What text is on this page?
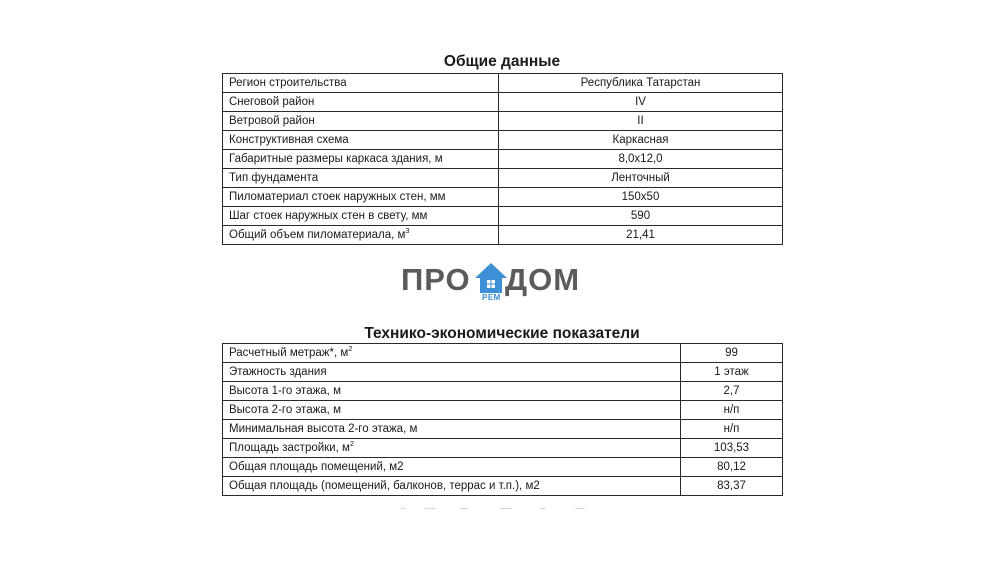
Общие данные
Регион строительства	Республика Татарстан
Снеговой район	IV
Ветровой район	II
Конструктивная схема	Каркасная
Габаритные размеры каркаса здания, м	8,0х12,0
Тип фундамента	Ленточный
Пиломатериал стоек наружных стен, мм	150х50
Шаг стоек наружных стен в свету, мм	590
Общий объем пиломатериала, $м^3$	21,41
ПРО
РЕМ
ДОМ
Технико-экономические показатели
Расчетный метраж*, $м^2$	99
Этажность здания	1 этаж
Высота 1-го этажа, м	2,7
Высота 2-го этажа, м	н/п
Минимальная высота 2-го этажа, м	н/п
Площадь застройки, $м^2$	103,53
Общая площадь помещений, м2	80,12
Общая площадь (помещений, балконов, террас и т.п.), м2	83,37
